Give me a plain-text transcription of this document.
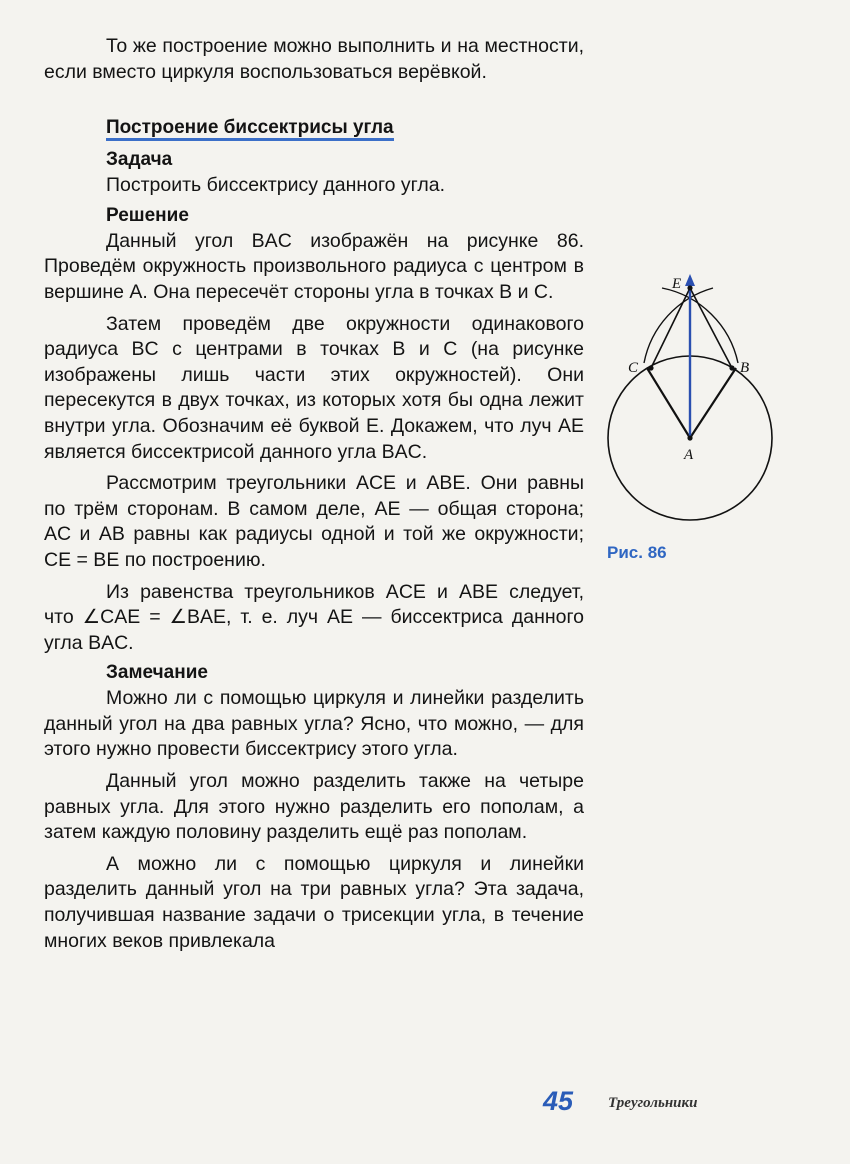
То же построение можно выполнить и на местности, если вместо циркуля воспользоваться верёвкой.

Построение биссектрисы угла
Задача

Построить биссектрису данного угла.

Решение

Данный угол BAC изображён на рисунке 86. Проведём окружность произвольного радиуса с центром в вершине A. Она пересечёт стороны угла в точках B и C.

Затем проведём две окружности одинакового радиуса BC с центрами в точках B и C (на рисунке изображены лишь части этих окружностей). Они пересекутся в двух точках, из которых хотя бы одна лежит внутри угла. Обозначим её буквой E. Докажем, что луч AE является биссектрисой данного угла BAC.

Рассмотрим треугольники ACE и ABE. Они равны по трём сторонам. В самом деле, AE — общая сторона; AC и AB равны как радиусы одной и той же окружности; CE = BE по построению.

Из равенства треугольников ACE и ABE следует, что ∠CAE = ∠BAE, т. е. луч AE — биссектриса данного угла BAC.

Замечание

Можно ли с помощью циркуля и линейки разделить данный угол на два равных угла? Ясно, что можно, — для этого нужно провести биссектрису этого угла.

Данный угол можно разделить также на четыре равных угла. Для этого нужно разделить его пополам, а затем каждую половину разделить ещё раз пополам.

А можно ли с помощью циркуля и линейки разделить данный угол на три равных угла? Эта задача, получившая название задачи о трисекции угла, в течение многих веков привлекала

E
C	B
A
Рис. 86
45 Треугольники
